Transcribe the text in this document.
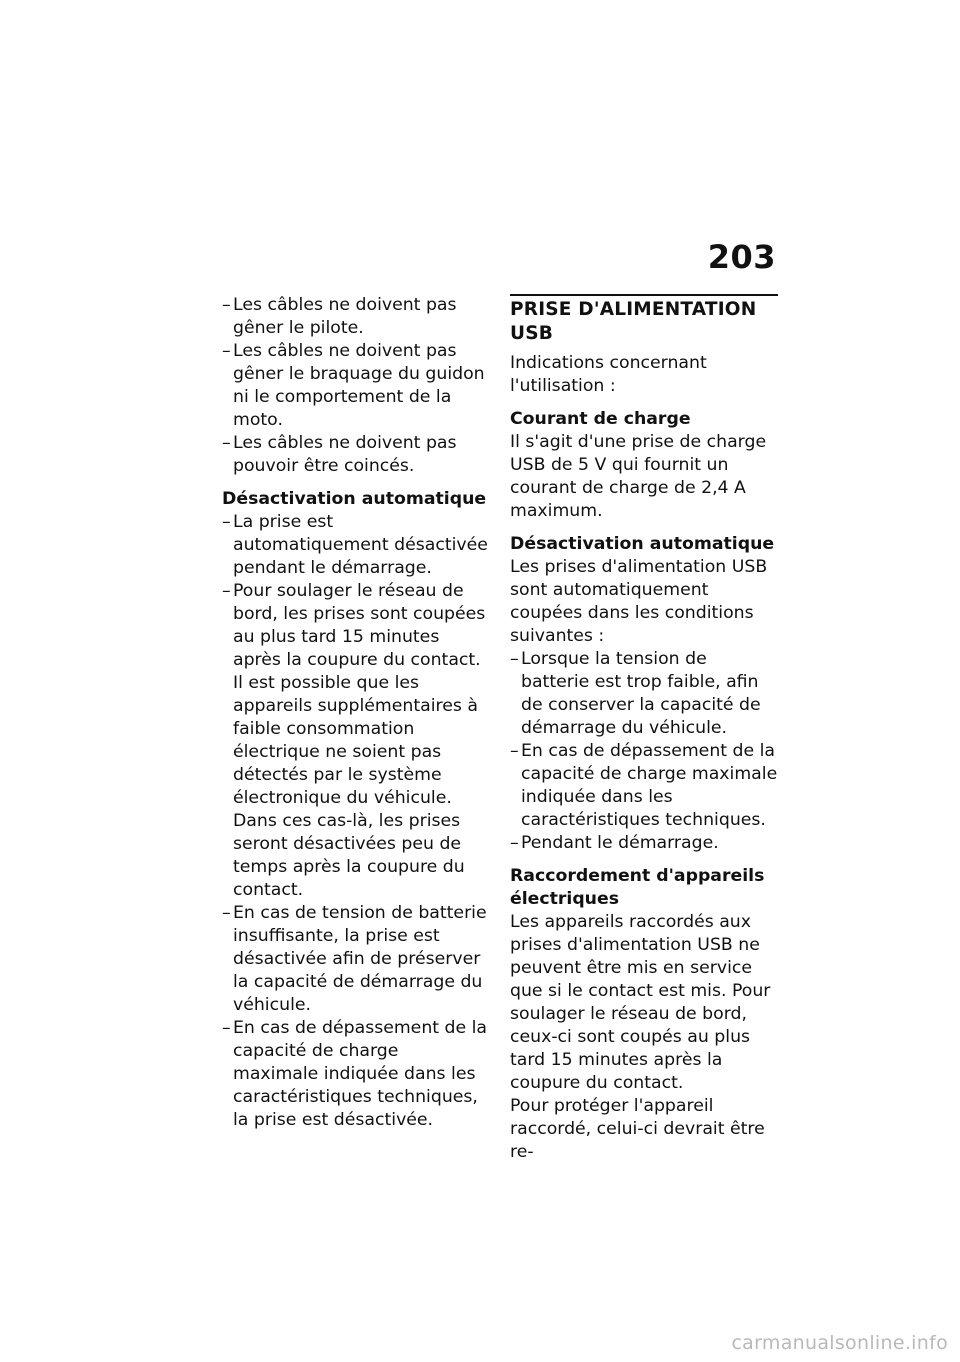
203

– Les câbles ne doivent pas gêner le pilote.

– Les câbles ne doivent pas gêner le braquage du guidon ni le comportement de la moto.

– Les câbles ne doivent pas pouvoir être coincés.

Désactivation automatique

– La prise est automatiquement désactivée pendant le démarrage.

– Pour soulager le réseau de bord, les prises sont coupées au plus tard 15 minutes après la coupure du contact. Il est possible que les appareils supplémentaires à faible consommation électrique ne soient pas détectés par le système électronique du véhicule. Dans ces cas-là, les prises seront désactivées peu de temps après la coupure du contact.

– En cas de tension de batterie insuffisante, la prise est désactivée afin de préserver la capacité de démarrage du véhicule.

– En cas de dépassement de la capacité de charge maximale indiquée dans les caractéristiques techniques, la prise est désactivée.

PRISE D'ALIMENTATION USB

Indications concernant l'utilisation :

Courant de charge

Il s'agit d'une prise de charge USB de 5 V qui fournit un courant de charge de 2,4 A maximum.

Désactivation automatique

Les prises d'alimentation USB sont automatiquement coupées dans les conditions suivantes :

– Lorsque la tension de batterie est trop faible, afin de conserver la capacité de démarrage du véhicule.

– En cas de dépassement de la capacité de charge maximale indiquée dans les caractéristiques techniques.

– Pendant le démarrage.

Raccordement d'appareils électriques

Les appareils raccordés aux prises d'alimentation USB ne peuvent être mis en service que si le contact est mis. Pour soulager le réseau de bord, ceux-ci sont coupés au plus tard 15 minutes après la coupure du contact.

Pour protéger l'appareil raccordé, celui-ci devrait être re-

carmanualsonline.info
